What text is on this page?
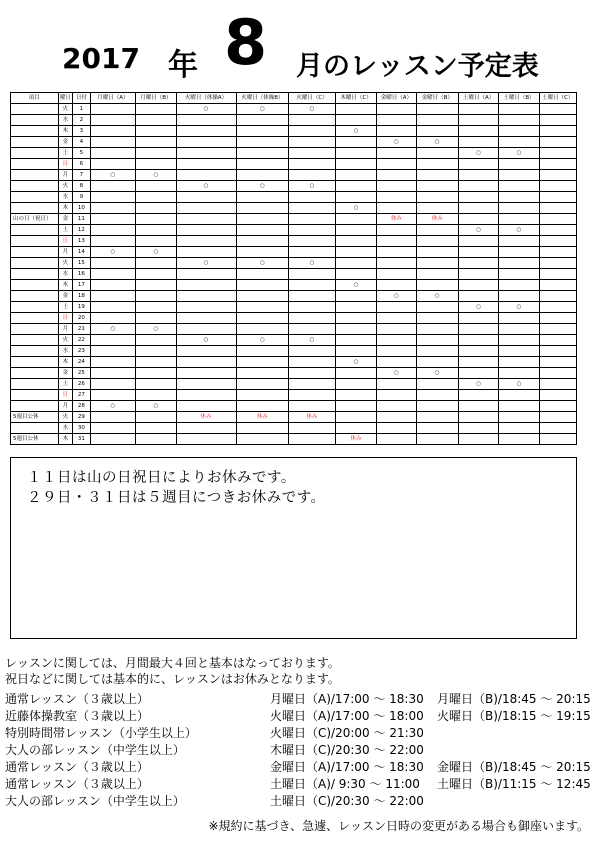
2017 年 8 月のレッスン予定表
項目	曜日	日付	月曜日（A）	月曜日（B）	火曜日（体操A）	火曜日（体操B）	火曜日（C）	木曜日（C）	金曜日（A）	金曜日（B）	土曜日（A）	土曜日（B）	土曜日（C）
	火	1			○	○	○						
	水	2											
	木	3						○					
	金	4							○	○			
	土	5									○	○	
	日	6											
	月	7	○	○									
	火	8			○	○	○						
	水	9											
	木	10						○					
山の日（祝日）	金	11							休み	休み			
	土	12									○	○	
	日	13											
	月	14	○	○									
	火	15			○	○	○						
	水	16											
	木	17						○					
	金	18							○	○			
	土	19									○	○	
	日	20											
	月	21	○	○									
	火	22			○	○	○						
	水	23											
	木	24						○					
	金	25							○	○			
	土	26									○	○	
	日	27											
	月	28	○	○									
5週目公休	火	29			休み	休み	休み						
	水	30											
5週目公休	木	31						休み					

１１日は山の日祝日によりお休みです。

２９日・３１日は５週目につきお休みです。

レッスンに関しては、月間最大４回と基本はなっております。

祝日などに関しては基本的に、レッスンはお休みとなります。

通常レッスン（３歳以上）	月曜日（A)/17:00 ～ 18:30 月曜日（B)/18:45 ～ 20:15
近藤体操教室（３歳以上）	火曜日（A)/17:00 ～ 18:00 火曜日（B)/18:15 ～ 19:15
特別時間帯レッスン（小学生以上）	火曜日（C)/20:00 ～ 21:30
大人の部レッスン（中学生以上）	木曜日（C)/20:30 ～ 22:00
通常レッスン（３歳以上）	金曜日（A)/17:00 ～ 18:30 金曜日（B)/18:45 ～ 20:15
通常レッスン（３歳以上）	土曜日（A)/ 9:30 ～ 11:00 土曜日（B)/11:15 ～ 12:45
大人の部レッスン（中学生以上）	土曜日（C)/20:30 ～ 22:00
※規約に基づき、急遽、レッスン日時の変更がある場合も御座います。
